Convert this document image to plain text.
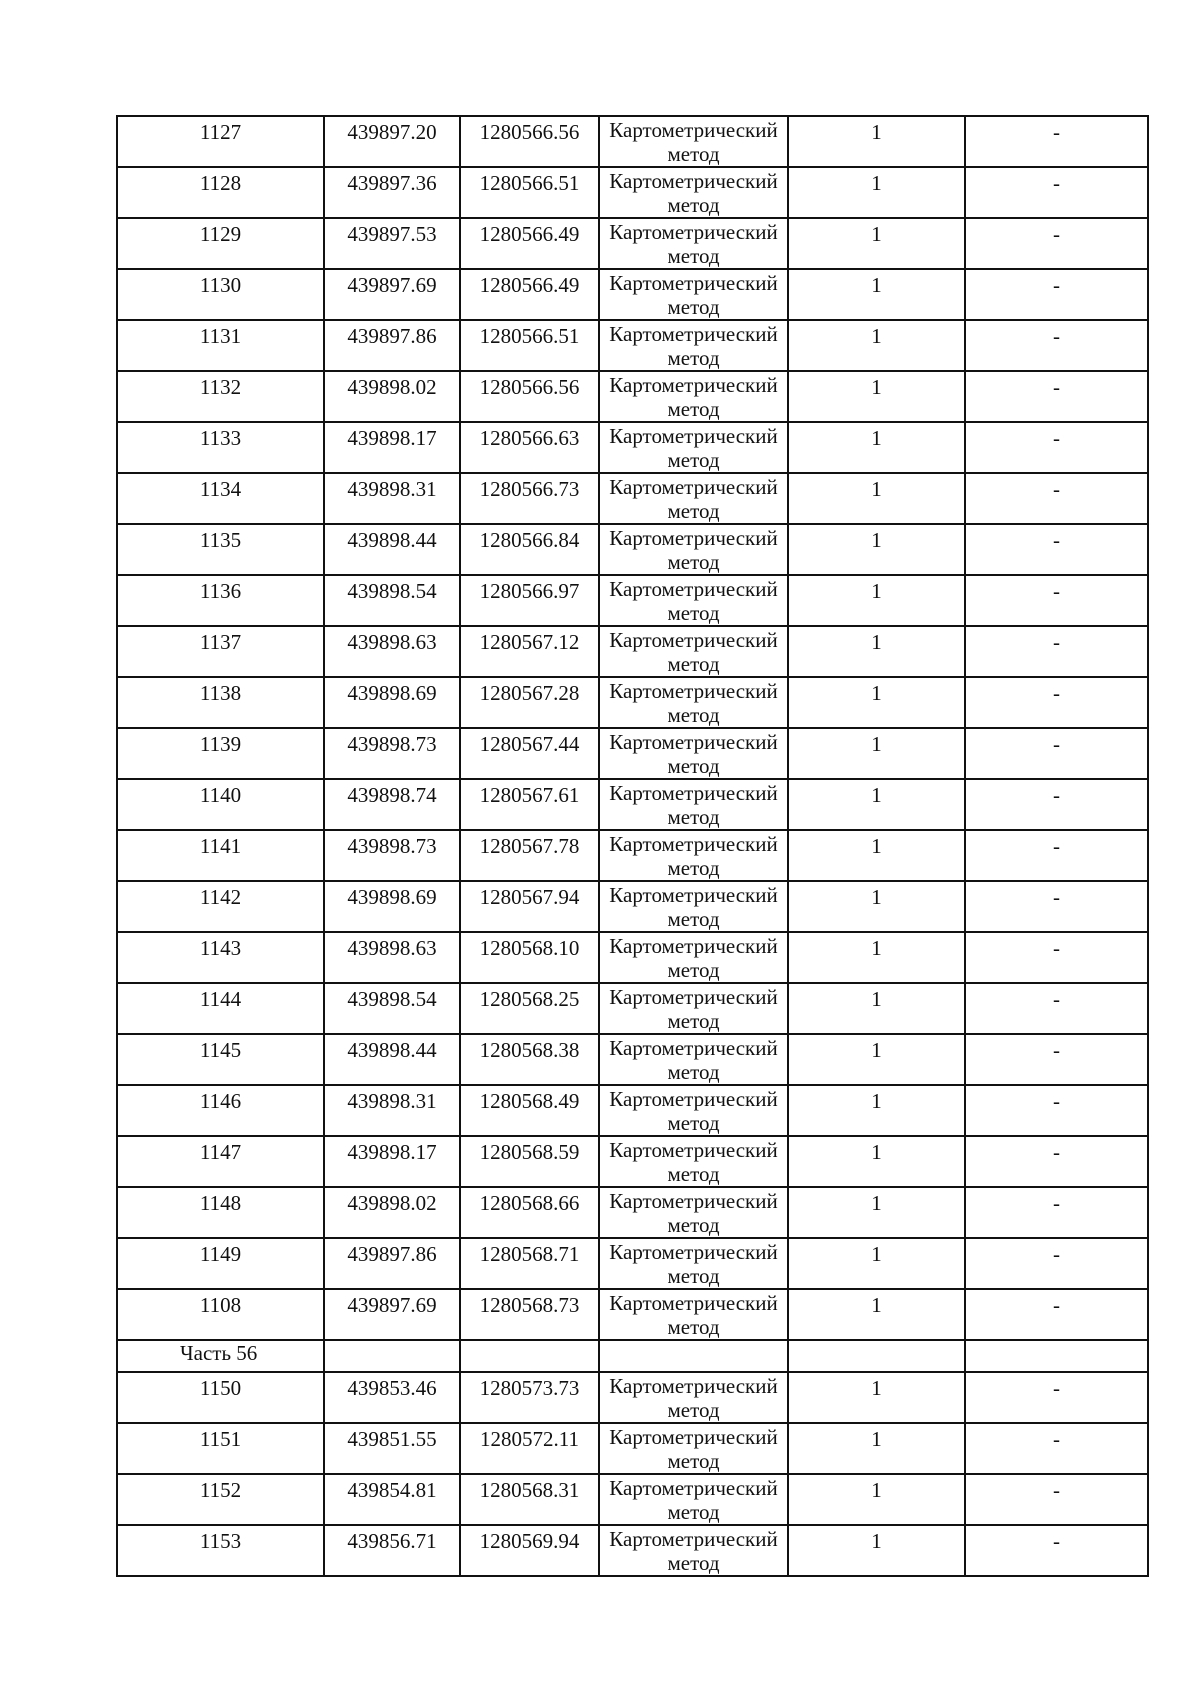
1127	439897.20	1280566.56	Картометрический метод	1	-

1128	439897.36	1280566.51	Картометрический метод	1	-

1129	439897.53	1280566.49	Картометрический метод	1	-

1130	439897.69	1280566.49	Картометрический метод	1	-

1131	439897.86	1280566.51	Картометрический метод	1	-

1132	439898.02	1280566.56	Картометрический метод	1	-

1133	439898.17	1280566.63	Картометрический метод	1	-

1134	439898.31	1280566.73	Картометрический метод	1	-

1135	439898.44	1280566.84	Картометрический метод	1	-

1136	439898.54	1280566.97	Картометрический метод	1	-

1137	439898.63	1280567.12	Картометрический метод	1	-

1138	439898.69	1280567.28	Картометрический метод	1	-

1139	439898.73	1280567.44	Картометрический метод	1	-

1140	439898.74	1280567.61	Картометрический метод	1	-

1141	439898.73	1280567.78	Картометрический метод	1	-

1142	439898.69	1280567.94	Картометрический метод	1	-

1143	439898.63	1280568.10	Картометрический метод	1	-

1144	439898.54	1280568.25	Картометрический метод	1	-

1145	439898.44	1280568.38	Картометрический метод	1	-

1146	439898.31	1280568.49	Картометрический метод	1	-

1147	439898.17	1280568.59	Картометрический метод	1	-

1148	439898.02	1280568.66	Картометрический метод	1	-

1149	439897.86	1280568.71	Картометрический метод	1	-

1108	439897.69	1280568.73	Картометрический метод	1	-

Часть 56					

1150	439853.46	1280573.73	Картометрический метод	1	-

1151	439851.55	1280572.11	Картометрический метод	1	-

1152	439854.81	1280568.31	Картометрический метод	1	-

1153	439856.71	1280569.94	Картометрический метод	1	-
